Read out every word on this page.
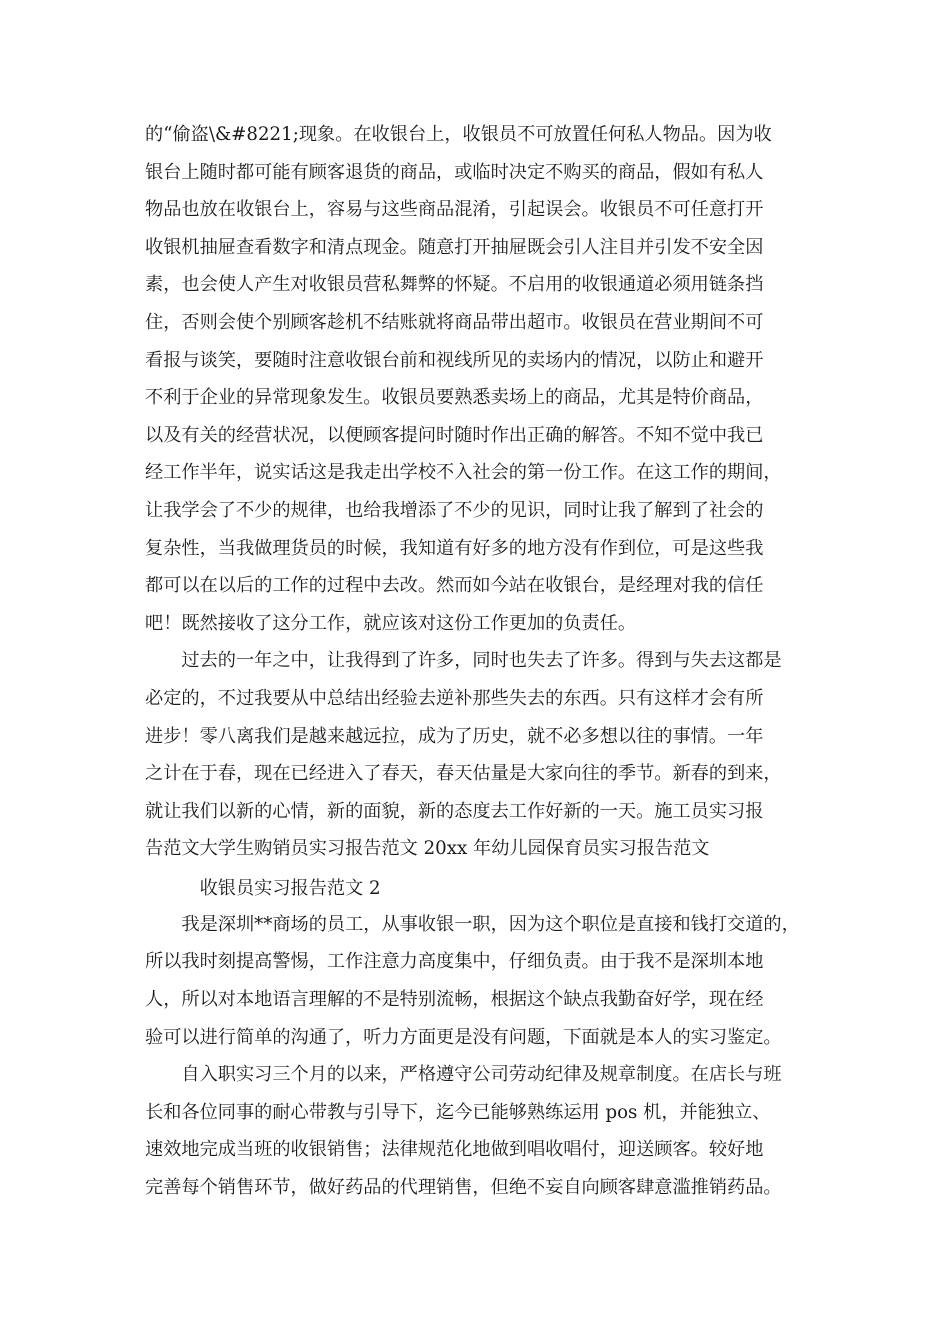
的“偷盗\&#8221;现象。在收银台上，收银员不可放置任何私人物品。因为收
银台上随时都可能有顾客退货的商品，或临时决定不购买的商品，假如有私人
物品也放在收银台上，容易与这些商品混淆，引起误会。收银员不可任意打开
收银机抽屉查看数字和清点现金。随意打开抽屉既会引人注目并引发不安全因
素，也会使人产生对收银员营私舞弊的怀疑。不启用的收银通道必须用链条挡
住，否则会使个别顾客趁机不结账就将商品带出超市。收银员在营业期间不可
看报与谈笑，要随时注意收银台前和视线所见的卖场内的情况，以防止和避开
不利于企业的异常现象发生。收银员要熟悉卖场上的商品，尤其是特价商品，
以及有关的经营状况，以便顾客提问时随时作出正确的解答。不知不觉中我已
经工作半年，说实话这是我走出学校不入社会的第一份工作。在这工作的期间，
让我学会了不少的规律，也给我增添了不少的见识，同时让我了解到了社会的
复杂性，当我做理货员的时候，我知道有好多的地方没有作到位，可是这些我
都可以在以后的工作的过程中去改。然而如今站在收银台，是经理对我的信任
吧！既然接收了这分工作，就应该对这份工作更加的负责任。
　　过去的一年之中，让我得到了许多，同时也失去了许多。得到与失去这都是
必定的，不过我要从中总结出经验去逆补那些失去的东西。只有这样才会有所
进步！零八离我们是越来越远拉，成为了历史，就不必多想以往的事情。一年
之计在于春，现在已经进入了春天，春天估量是大家向往的季节。新春的到来，
就让我们以新的心情，新的面貌，新的态度去工作好新的一天。施工员实习报
告范文大学生购销员实习报告范文 20xx 年幼儿园保育员实习报告范文
　　　收银员实习报告范文 2
　　我是深圳**商场的员工，从事收银一职，因为这个职位是直接和钱打交道的，
所以我时刻提高警惕，工作注意力高度集中，仔细负责。由于我不是深圳本地
人，所以对本地语言理解的不是特别流畅，根据这个缺点我勤奋好学，现在经
验可以进行简单的沟通了，听力方面更是没有问题，下面就是本人的实习鉴定。
　　自入职实习三个月的以来，严格遵守公司劳动纪律及规章制度。在店长与班
长和各位同事的耐心带教与引导下，迄今已能够熟练运用 pos 机，并能独立、
速效地完成当班的收银销售；法律规范化地做到唱收唱付，迎送顾客。较好地
完善每个销售环节，做好药品的代理销售，但绝不妄自向顾客肆意滥推销药品。
